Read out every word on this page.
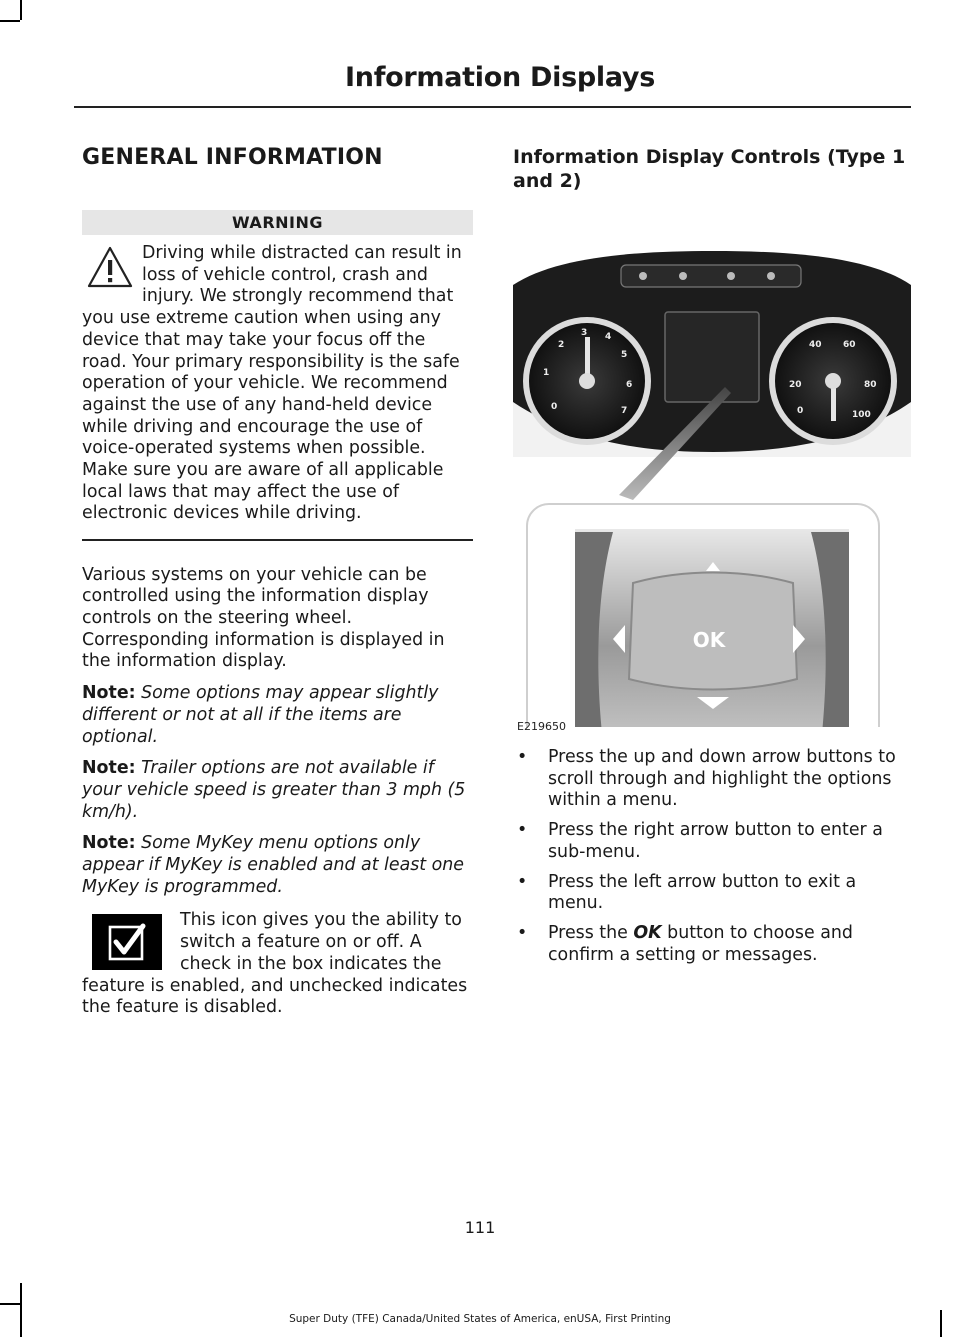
Information Displays
GENERAL INFORMATION
WARNING
Driving while distracted can result in loss of vehicle control, crash and injury. We strongly recommend that you use extreme caution when using any device that may take your focus off the road. Your primary responsibility is the safe operation of your vehicle. We recommend against the use of any hand-held device while driving and encourage the use of voice-operated systems when possible. Make sure you are aware of all applicable local laws that may affect the use of electronic devices while driving.

Various systems on your vehicle can be controlled using the information display controls on the steering wheel. Corresponding information is displayed in the information display.

Note: Some options may appear slightly different or not at all if the items are optional.

Note: Trailer options are not available if your vehicle speed is greater than 3 mph (5 km/h).

Note: Some MyKey menu options only appear if MyKey is enabled and at least one MyKey is programmed.

This icon gives you the ability to switch a feature on or off. A check in the box indicates the feature is enabled, and unchecked indicates the feature is disabled.
Information Display Controls (Type 1 and 2)
0
1
2
3 4
5
6
7	0
20
40 60
80
100
OK
E219650
• Press the up and down arrow buttons to scroll through and highlight the options within a menu.
• Press the right arrow button to enter a sub-menu.
• Press the left arrow button to exit a menu.
• Press the OK button to choose and confirm a setting or messages.
111
Super Duty (TFE) Canada/United States of America, enUSA, First Printing
